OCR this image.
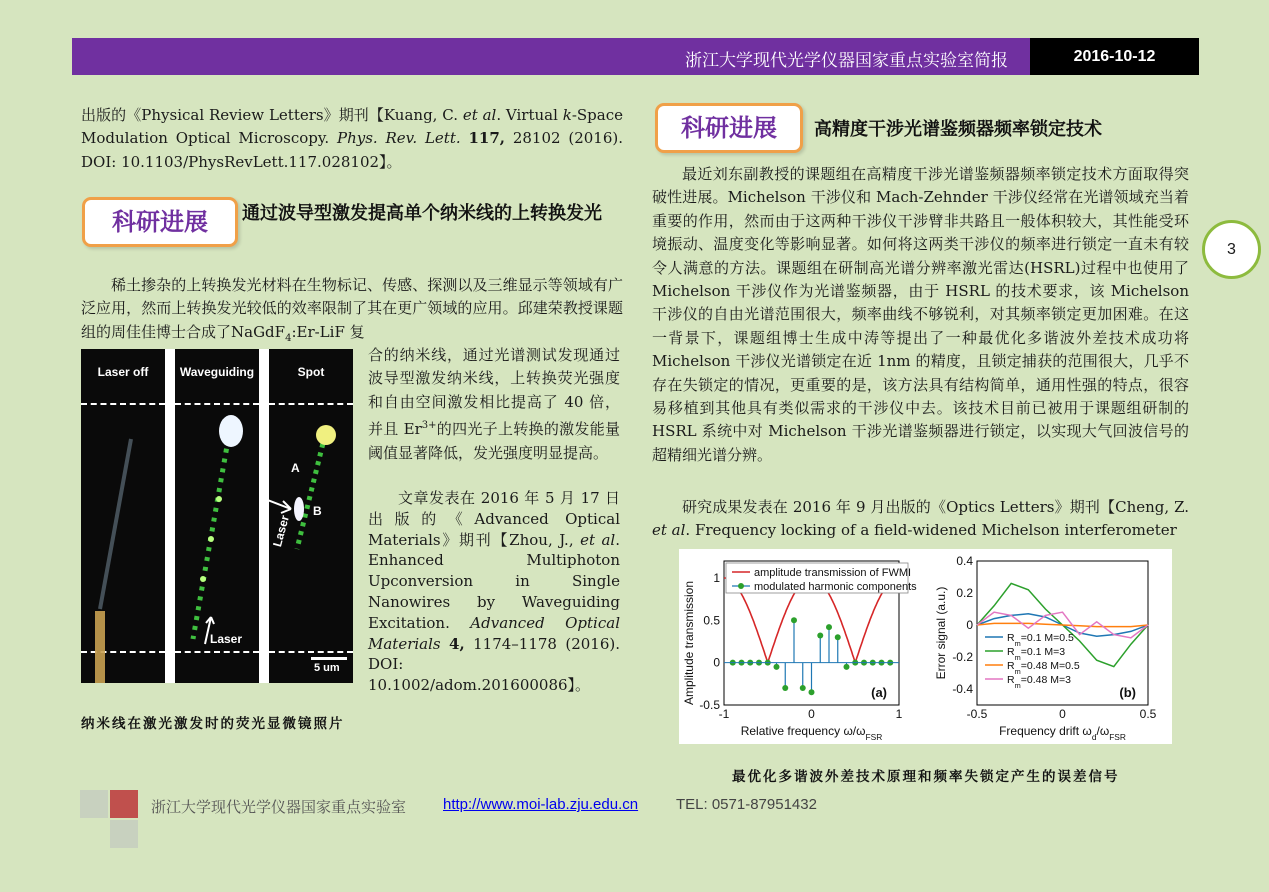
浙江大学现代光学仪器国家重点实验室简报	2016-10-12
3
出版的《Physical Review Letters》期刊【Kuang, C. et al. Virtual k-Space Modulation Optical Microscopy. Phys. Rev. Lett. 117, 28102 (2016). DOI: 10.1103/PhysRevLett.117.028102】。
科研进展	通过波导型激发提高单个纳米线的上转换发光
稀土掺杂的上转换发光材料在生物标记、传感、探测以及三维显示等领域有广泛应用，然而上转换发光较低的效率限制了其在更广领域的应用。邱建荣教授课题组的周佳佳博士合成了NaGdF$_4$:Er-LiF 复
Laser off	Waveguiding
Laser
Spot
A
B
Laser
5 um
合的纳米线，通过光谱测试发现通过波导型激发纳米线，上转换荧光强度和自由空间激发相比提高了 40 倍，并且 $Er^{3+}$的四光子上转换的激发能量阈值显著降低，发光强度明显提高。
文章发表在 2016 年 5 月 17 日出版的《Advanced Optical Materials》期刊【Zhou, J., et al. Enhanced Multiphoton Upconversion in Single Nanowires by Waveguiding Excitation. Advanced Optical Materials 4, 1174–1178 (2016). DOI: 10.1002/adom.201600086】。
纳米线在激光激发时的荧光显微镜照片
科研进展	高精度干涉光谱鉴频器频率锁定技术
最近刘东副教授的课题组在高精度干涉光谱鉴频器频率锁定技术方面取得突破性进展。Michelson 干涉仪和 Mach-Zehnder 干涉仪经常在光谱领域充当着重要的作用，然而由于这两种干涉仪干涉臂非共路且一般体积较大，其性能受环境振动、温度变化等影响显著。如何将这两类干涉仪的频率进行锁定一直未有较令人满意的方法。课题组在研制高光谱分辨率激光雷达(HSRL)过程中也使用了 Michelson 干涉仪作为光谱鉴频器，由于 HSRL 的技术要求，该 Michelson 干涉仪的自由光谱范围很大，频率曲线不够锐利，对其频率锁定更加困难。在这一背景下，课题组博士生成中涛等提出了一种最优化多谐波外差技术成功将 Michelson 干涉仪光谱锁定在近 1nm 的精度，且锁定捕获的范围很大，几乎不存在失锁定的情况，更重要的是，该方法具有结构简单，通用性强的特点，很容易移植到其他具有类似需求的干涉仪中去。该技术目前已被用于课题组研制的 HSRL 系统中对 Michelson 干涉光谱鉴频器进行锁定，以实现大气回波信号的超精细光谱分辨。
研究成果发表在 2016 年 9 月出版的《Optics Letters》期刊【Cheng, Z. et al. Frequency locking of a field-widened Michelson interferometer
-1	0	1
-0.5
0
0.5
1
Relative frequency $\omega/\omega_{FSR}$
Amplitude transmission
amplitude transmission of FWMI
modulated harmonic components
(a)
-0.5	0	0.5
-0.4
-0.2
0
0.2
0.4
Frequency drift $\omega_d/\omega_{FSR}$
Error signal (a.u.)	$R_m=0.1$ M=0.5
$R_m=0.1$ M=3
$R_m=0.48$ M=0.5
$R_m=0.48$ M=3
(b)
最优化多谐波外差技术原理和频率失锁定产生的误差信号
浙江大学现代光学仪器国家重点实验室 http://www.moi-lab.zju.edu.cn	TEL: 0571-87951432
